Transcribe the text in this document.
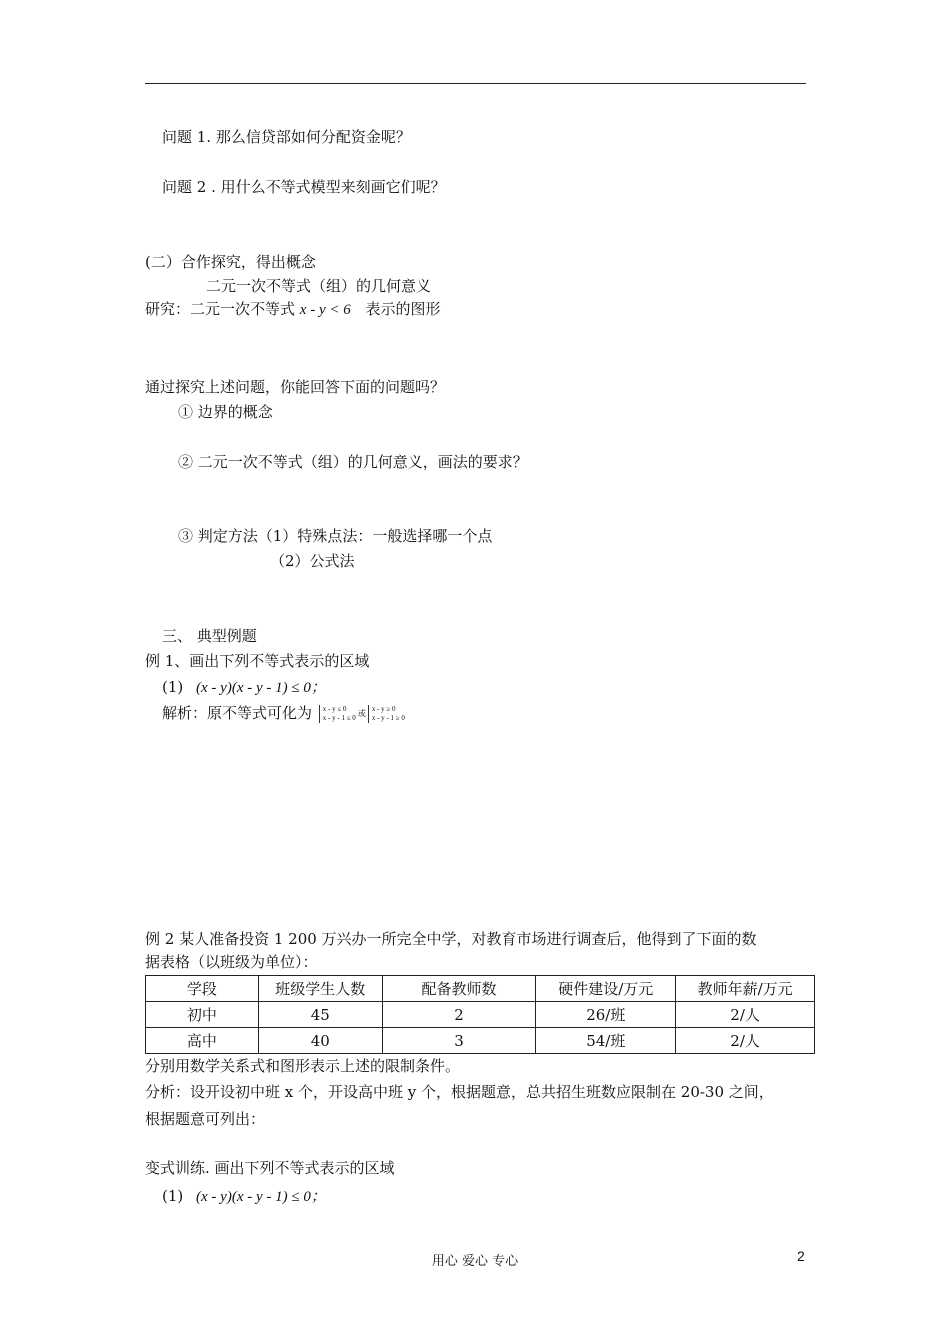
问题 1. 那么信贷部如何分配资金呢？
问题 2 . 用什么不等式模型来刻画它们呢？
(二）合作探究，得出概念
二元一次不等式（组）的几何意义
研究：二元一次不等式 x - y < 6 表示的图形
通过探究上述问题，你能回答下面的问题吗？
① 边界的概念
② 二元一次不等式（组）的几何意义，画法的要求？
③ 判定方法（1）特殊点法：一般选择哪一个点
（2）公式法
三、 典型例题
例 1、画出下列不等式表示的区域
(1) (x - y)(x - y - 1) ≤ 0；
解析：原不等式可化为 x - y ≤ 0
x - y - 1 ≤ 0 或 x - y ≥ 0
x - y - 1 ≥ 0
例 2 某人准备投资 1 200 万兴办一所完全中学，对教育市场进行调查后，他得到了下面的数
据表格（以班级为单位）：
学段	班级学生人数	配备教师数	硬件建设/万元	教师年薪/万元
初中	45	2	26/班	2/人
高中	40	3	54/班	2/人
分别用数学关系式和图形表示上述的限制条件。
分析：设开设初中班 x 个，开设高中班 y 个，根据题意，总共招生班数应限制在 20-30 之间，
根据题意可列出：
变式训练. 画出下列不等式表示的区域
(1) (x - y)(x - y - 1) ≤ 0；
用心 爱心 专心	2
